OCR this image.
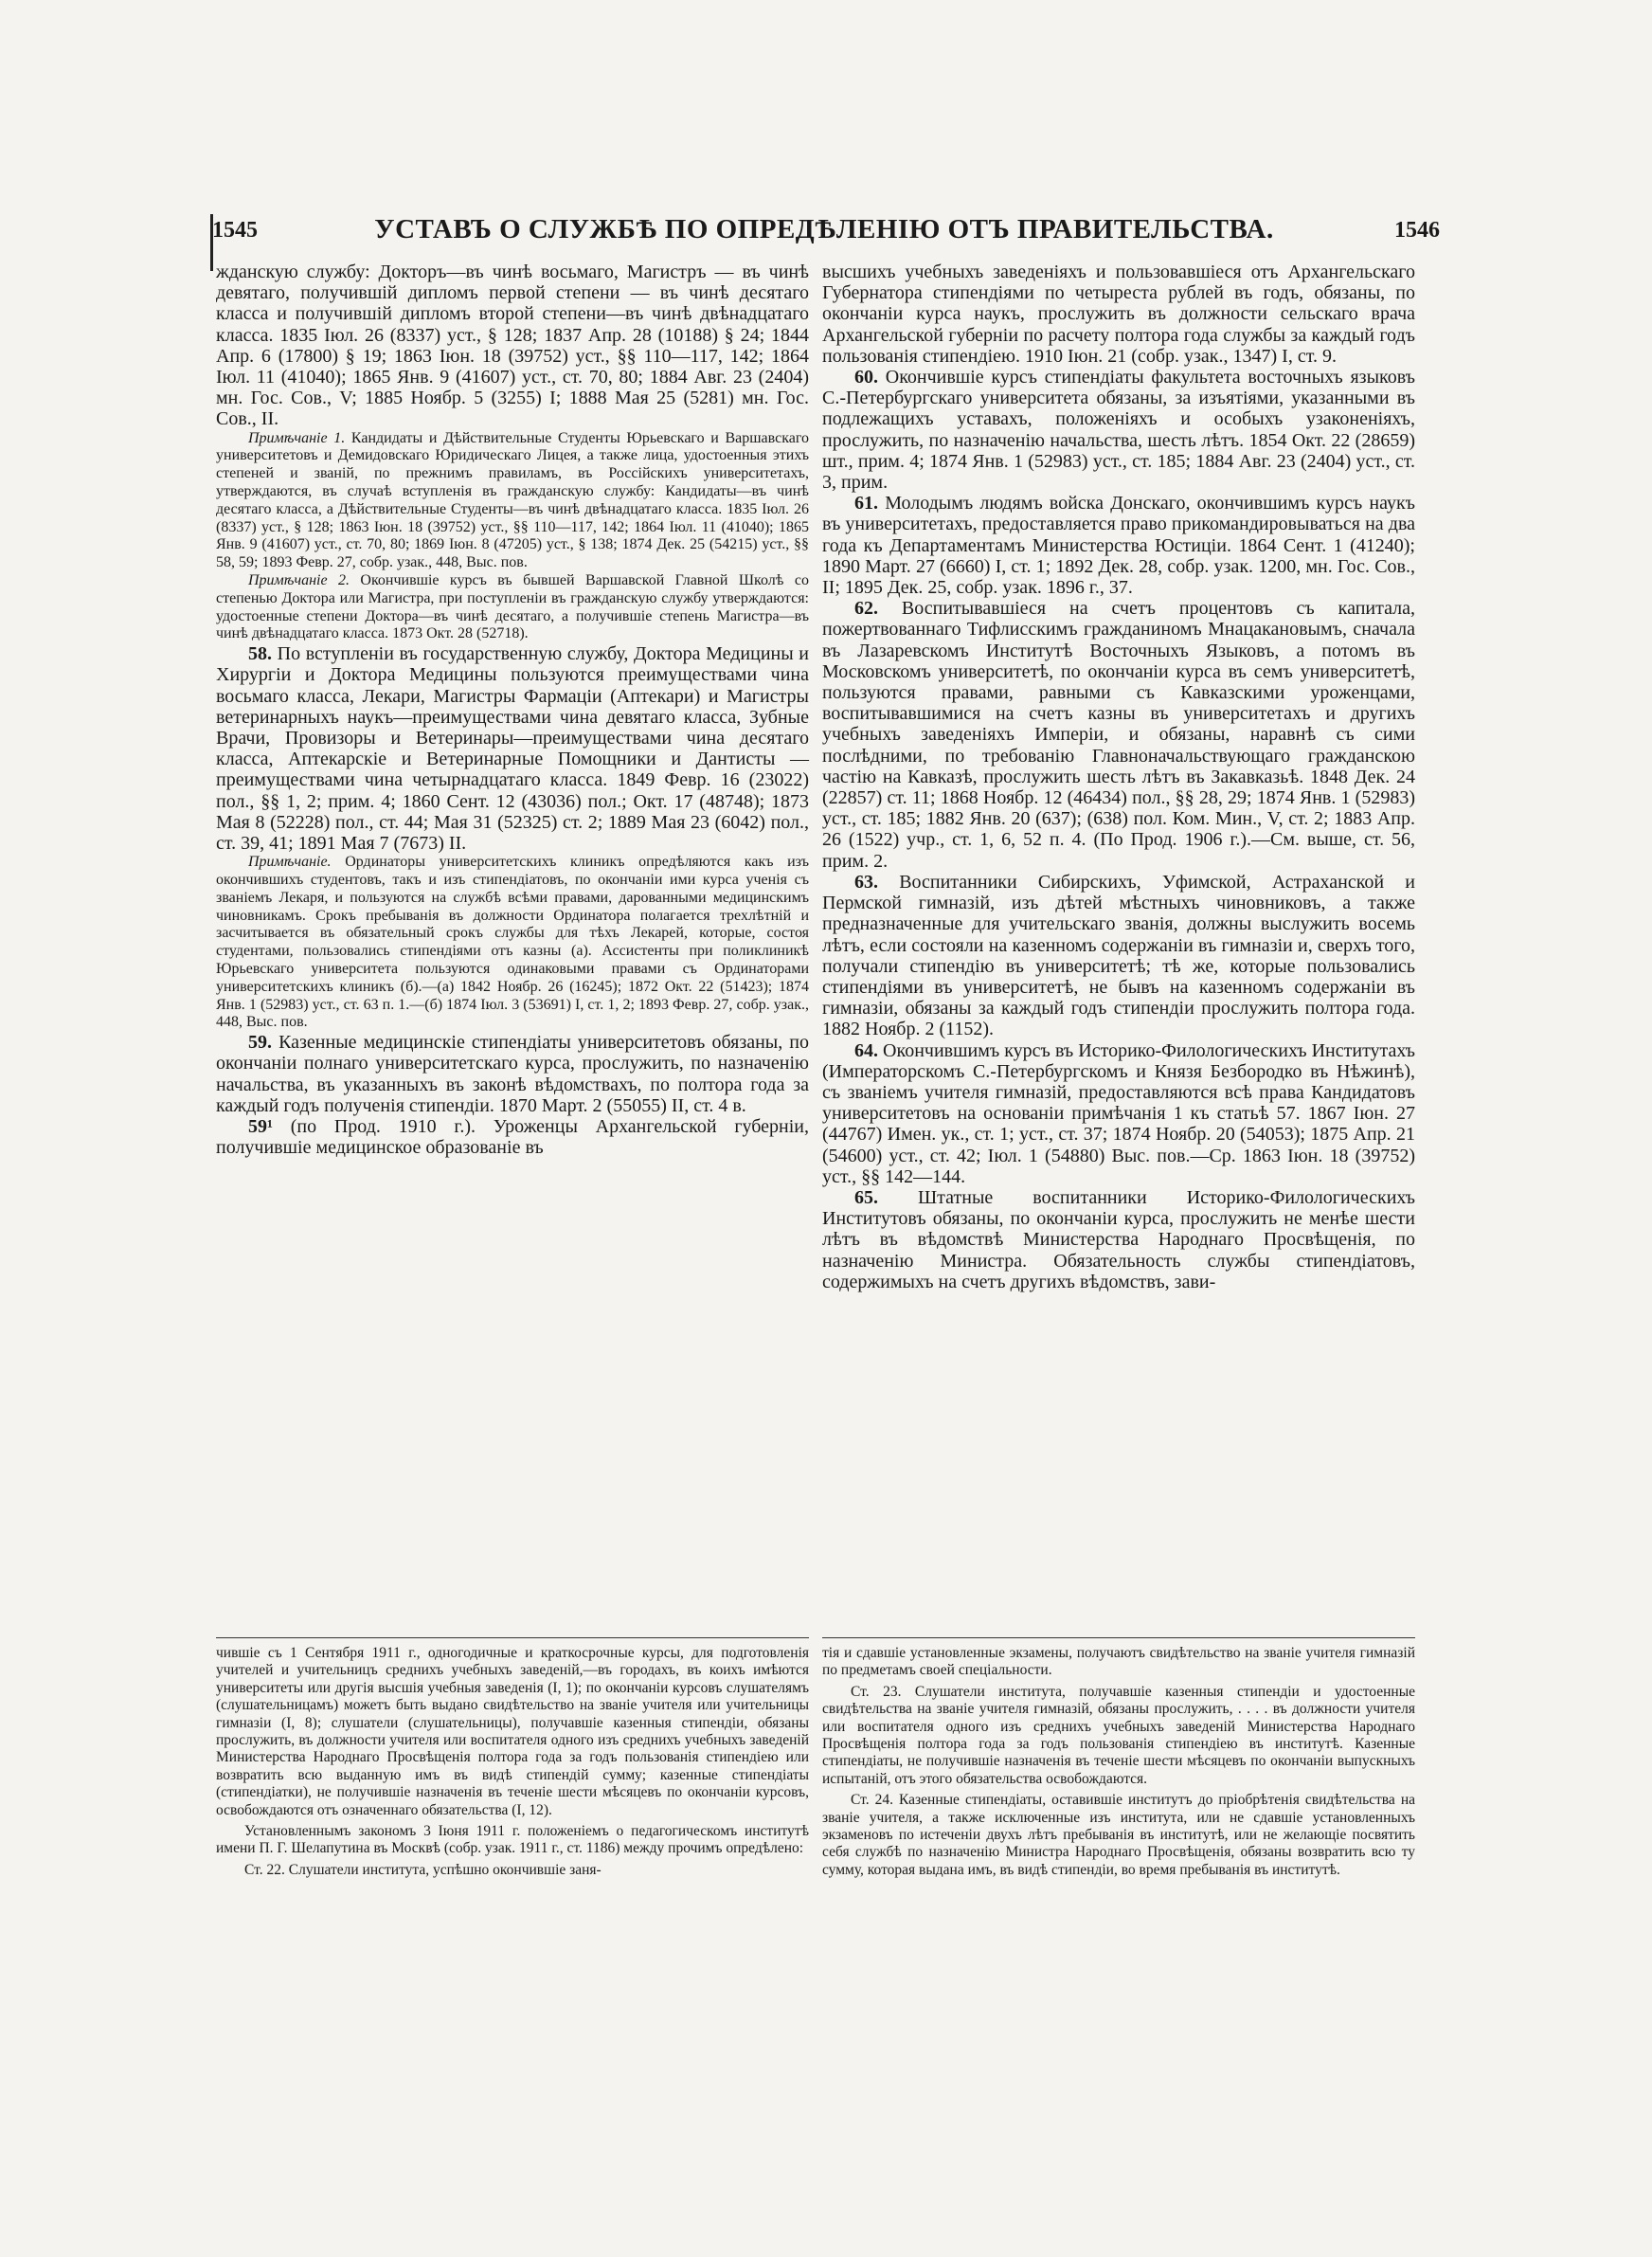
1545	УСТАВЪ О СЛУЖБѢ ПО ОПРЕДѢЛЕНІЮ ОТЪ ПРАВИТЕЛЬСТВА.	1546

жданскую службу: Докторъ—въ чинѣ восьмаго, Магистръ — въ чинѣ девятаго, получившій дипломъ первой степени — въ чинѣ десятаго класса и получившій дипломъ второй степени—въ чинѣ двѣнадцатаго класса. 1835 Іюл. 26 (8337) уст., § 128; 1837 Апр. 28 (10188) § 24; 1844 Апр. 6 (17800) § 19; 1863 Іюн. 18 (39752) уст., §§ 110—117, 142; 1864 Іюл. 11 (41040); 1865 Янв. 9 (41607) уст., ст. 70, 80; 1884 Авг. 23 (2404) мн. Гос. Сов., V; 1885 Ноябр. 5 (3255) I; 1888 Мая 25 (5281) мн. Гос. Сов., II.

Примѣчаніе 1. Кандидаты и Дѣйствительные Студенты Юрьевскаго и Варшавскаго университетовъ и Демидовскаго Юридическаго Лицея, а также лица, удостоенныя этихъ степеней и званій, по прежнимъ правиламъ, въ Россійскихъ университетахъ, утверждаются, въ случаѣ вступленія въ гражданскую службу: Кандидаты—въ чинѣ десятаго класса, а Дѣйствительные Студенты—въ чинѣ двѣнадцатаго класса. 1835 Іюл. 26 (8337) уст., § 128; 1863 Іюн. 18 (39752) уст., §§ 110—117, 142; 1864 Іюл. 11 (41040); 1865 Янв. 9 (41607) уст., ст. 70, 80; 1869 Іюн. 8 (47205) уст., § 138; 1874 Дек. 25 (54215) уст., §§ 58, 59; 1893 Февр. 27, собр. узак., 448, Выс. пов.

Примѣчаніе 2. Окончившіе курсъ въ бывшей Варшавской Главной Школѣ со степенью Доктора или Магистра, при поступленіи въ гражданскую службу утверждаются: удостоенные степени Доктора—въ чинѣ десятаго, а получившіе степень Магистра—въ чинѣ двѣнадцатаго класса. 1873 Окт. 28 (52718).

58. По вступленіи въ государственную службу, Доктора Медицины и Хирургіи и Доктора Медицины пользуются преимуществами чина восьмаго класса, Лекари, Магистры Фармаціи (Аптекари) и Магистры ветеринарныхъ наукъ—преимуществами чина девятаго класса, Зубные Врачи, Провизоры и Ветеринары—преимуществами чина десятаго класса, Аптекарскіе и Ветеринарные Помощники и Дантисты — преимуществами чина четырнадцатаго класса. 1849 Февр. 16 (23022) пол., §§ 1, 2; прим. 4; 1860 Сент. 12 (43036) пол.; Окт. 17 (48748); 1873 Мая 8 (52228) пол., ст. 44; Мая 31 (52325) ст. 2; 1889 Мая 23 (6042) пол., ст. 39, 41; 1891 Мая 7 (7673) II.

Примѣчаніе. Ординаторы университетскихъ клиникъ опредѣляются какъ изъ окончившихъ студентовъ, такъ и изъ стипендіатовъ, по окончаніи ими курса ученія съ званіемъ Лекаря, и пользуются на службѣ всѣми правами, дарованными медицинскимъ чиновникамъ. Срокъ пребыванія въ должности Ординатора полагается трехлѣтній и засчитывается въ обязательный срокъ службы для тѣхъ Лекарей, которые, состоя студентами, пользовались стипендіями отъ казны (а). Ассистенты при поликлиникѣ Юрьевскаго университета пользуются одинаковыми правами съ Ординаторами университетскихъ клиникъ (б).—(а) 1842 Ноябр. 26 (16245); 1872 Окт. 22 (51423); 1874 Янв. 1 (52983) уст., ст. 63 п. 1.—(б) 1874 Іюл. 3 (53691) I, ст. 1, 2; 1893 Февр. 27, собр. узак., 448, Выс. пов.

59. Казенные медицинскіе стипендіаты университетовъ обязаны, по окончаніи полнаго университетскаго курса, прослужить, по назначенію начальства, въ указанныхъ въ законѣ вѣдомствахъ, по полтора года за каждый годъ полученія стипендіи. 1870 Март. 2 (55055) II, ст. 4 в.

59¹ (по Прод. 1910 г.). Уроженцы Архангельской губерніи, получившіе медицинское образованіе въ

высшихъ учебныхъ заведеніяхъ и пользовавшіеся отъ Архангельскаго Губернатора стипендіями по четыреста рублей въ годъ, обязаны, по окончаніи курса наукъ, прослужить въ должности сельскаго врача Архангельской губерніи по расчету полтора года службы за каждый годъ пользованія стипендіею. 1910 Іюн. 21 (собр. узак., 1347) I, ст. 9.

60. Окончившіе курсъ стипендіаты факультета восточныхъ языковъ С.-Петербургскаго университета обязаны, за изъятіями, указанными въ подлежащихъ уставахъ, положеніяхъ и особыхъ узаконеніяхъ, прослужить, по назначенію начальства, шесть лѣтъ. 1854 Окт. 22 (28659) шт., прим. 4; 1874 Янв. 1 (52983) уст., ст. 185; 1884 Авг. 23 (2404) уст., ст. 3, прим.

61. Молодымъ людямъ войска Донскаго, окончившимъ курсъ наукъ въ университетахъ, предоставляется право прикомандировываться на два года къ Департаментамъ Министерства Юстиціи. 1864 Сент. 1 (41240); 1890 Март. 27 (6660) I, ст. 1; 1892 Дек. 28, собр. узак. 1200, мн. Гос. Сов., II; 1895 Дек. 25, собр. узак. 1896 г., 37.

62. Воспитывавшіеся на счетъ процентовъ съ капитала, пожертвованнаго Тифлисскимъ гражданиномъ Мнацакановымъ, сначала въ Лазаревскомъ Институтѣ Восточныхъ Языковъ, а потомъ въ Московскомъ университетѣ, по окончаніи курса въ семъ университетѣ, пользуются правами, равными съ Кавказскими уроженцами, воспитывавшимися на счетъ казны въ университетахъ и другихъ учебныхъ заведеніяхъ Имперіи, и обязаны, наравнѣ съ сими послѣдними, по требованію Главноначальствующаго гражданскою частію на Кавказѣ, прослужить шесть лѣтъ въ Закавказьѣ. 1848 Дек. 24 (22857) ст. 11; 1868 Ноябр. 12 (46434) пол., §§ 28, 29; 1874 Янв. 1 (52983) уст., ст. 185; 1882 Янв. 20 (637); (638) пол. Ком. Мин., V, ст. 2; 1883 Апр. 26 (1522) учр., ст. 1, 6, 52 п. 4. (По Прод. 1906 г.).—См. выше, ст. 56, прим. 2.

63. Воспитанники Сибирскихъ, Уфимской, Астраханской и Пермской гимназій, изъ дѣтей мѣстныхъ чиновниковъ, а также предназначенные для учительскаго званія, должны выслужить восемь лѣтъ, если состояли на казенномъ содержаніи въ гимназіи и, сверхъ того, получали стипендію въ университетѣ; тѣ же, которые пользовались стипендіями въ университетѣ, не бывъ на казенномъ содержаніи въ гимназіи, обязаны за каждый годъ стипендіи прослужить полтора года. 1882 Ноябр. 2 (1152).

64. Окончившимъ курсъ въ Историко-Филологическихъ Институтахъ (Императорскомъ С.-Петербургскомъ и Князя Безбородко въ Нѣжинѣ), съ званіемъ учителя гимназій, предоставляются всѣ права Кандидатовъ университетовъ на основаніи примѣчанія 1 къ статьѣ 57. 1867 Іюн. 27 (44767) Имен. ук., ст. 1; уст., ст. 37; 1874 Ноябр. 20 (54053); 1875 Апр. 21 (54600) уст., ст. 42; Іюл. 1 (54880) Выс. пов.—Ср. 1863 Іюн. 18 (39752) уст., §§ 142—144.

65. Штатные воспитанники Историко-Филологическихъ Институтовъ обязаны, по окончаніи курса, прослужить не менѣе шести лѣтъ въ вѣдомствѣ Министерства Народнаго Просвѣщенія, по назначенію Министра. Обязательность службы стипендіатовъ, содержимыхъ на счетъ другихъ вѣдомствъ, зави-

чившіе съ 1 Сентября 1911 г., одногодичные и краткосрочные курсы, для подготовленія учителей и учительницъ среднихъ учебныхъ заведеній,—въ городахъ, въ коихъ имѣются университеты или другія высшія учебныя заведенія (I, 1); по окончаніи курсовъ слушателямъ (слушательницамъ) можетъ быть выдано свидѣтельство на званіе учителя или учительницы гимназіи (I, 8); слушатели (слушательницы), получавшіе казенныя стипендіи, обязаны прослужить, въ должности учителя или воспитателя одного изъ среднихъ учебныхъ заведеній Министерства Народнаго Просвѣщенія полтора года за годъ пользованія стипендіею или возвратить всю выданную имъ въ видѣ стипендій сумму; казенные стипендіаты (стипендіатки), не получившіе назначенія въ теченіе шести мѣсяцевъ по окончаніи курсовъ, освобождаются отъ означеннаго обязательства (I, 12).

Установленнымъ закономъ 3 Іюня 1911 г. положеніемъ о педагогическомъ институтѣ имени П. Г. Шелапутина въ Москвѣ (собр. узак. 1911 г., ст. 1186) между прочимъ опредѣлено:

Ст. 22. Слушатели института, успѣшно окончившіе заня-

тія и сдавшіе установленные экзамены, получаютъ свидѣтельство на званіе учителя гимназій по предметамъ своей спеціальности.

Ст. 23. Слушатели института, получавшіе казенныя стипендіи и удостоенные свидѣтельства на званіе учителя гимназій, обязаны прослужить, . . . . въ должности учителя или воспитателя одного изъ среднихъ учебныхъ заведеній Министерства Народнаго Просвѣщенія полтора года за годъ пользованія стипендіею въ институтѣ. Казенные стипендіаты, не получившіе назначенія въ теченіе шести мѣсяцевъ по окончаніи выпускныхъ испытаній, отъ этого обязательства освобождаются.

Ст. 24. Казенные стипендіаты, оставившіе институтъ до пріобрѣтенія свидѣтельства на званіе учителя, а также исключенные изъ института, или не сдавшіе установленныхъ экзаменовъ по истеченіи двухъ лѣтъ пребыванія въ институтѣ, или не желающіе посвятить себя службѣ по назначенію Министра Народнаго Просвѣщенія, обязаны возвратить всю ту сумму, которая выдана имъ, въ видѣ стипендіи, во время пребыванія въ институтѣ.
